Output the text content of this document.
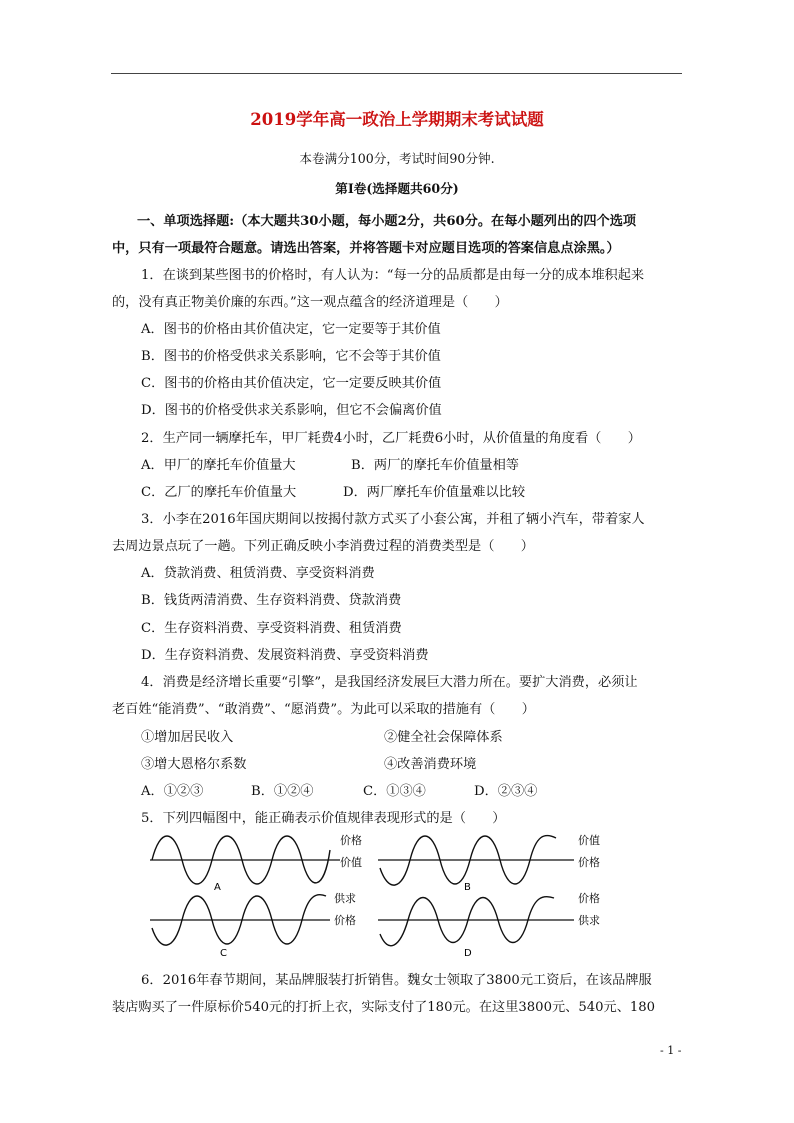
2019学年高一政治上学期期末考试试题
本卷满分100分，考试时间90分钟.
第Ⅰ卷(选择题共60分)
一、单项选择题:（本大题共30小题，每小题2分，共60分。在每小题列出的四个选项
中，只有一项最符合题意。请选出答案，并将答题卡对应题目选项的答案信息点涂黑。）
1．在谈到某些图书的价格时，有人认为：“每一分的品质都是由每一分的成本堆积起来
的，没有真正物美价廉的东西。”这一观点蕴含的经济道理是（　　）
A．图书的价格由其价值决定，它一定要等于其价值
B．图书的价格受供求关系影响，它不会等于其价值
C．图书的价格由其价值决定，它一定要反映其价值
D．图书的价格受供求关系影响，但它不会偏离价值
2．生产同一辆摩托车，甲厂耗费4小时，乙厂耗费6小时，从价值量的角度看（　　）
A．甲厂的摩托车价值量大	B．两厂的摩托车价值量相等
C．乙厂的摩托车价值量大	D．两厂摩托车价值量难以比较
3．小李在2016年国庆期间以按揭付款方式买了小套公寓，并租了辆小汽车，带着家人
去周边景点玩了一趟。下列正确反映小李消费过程的消费类型是（　　）
A．贷款消费、租赁消费、享受资料消费
B．钱货两清消费、生存资料消费、贷款消费
C．生存资料消费、享受资料消费、租赁消费
D．生存资料消费、发展资料消费、享受资料消费
4．消费是经济增长重要“引擎”，是我国经济发展巨大潜力所在。要扩大消费，必须让
老百姓“能消费”、“敢消费”、“愿消费”。为此可以采取的措施有（　　）
①增加居民收入	②健全社会保障体系
③增大恩格尔系数	④改善消费环境
A．①②③	B．①②④	C．①③④	D．②③④
5．下列四幅图中，能正确表示价值规律表现形式的是（　　）
价格
价值
A
价值
价格
B
供求
价格
C
价格
供求
D
6．2016年春节期间，某品牌服装打折销售。魏女士领取了3800元工资后，在该品牌服
装店购买了一件原标价540元的打折上衣，实际支付了180元。在这里3800元、540元、180
- 1 -
